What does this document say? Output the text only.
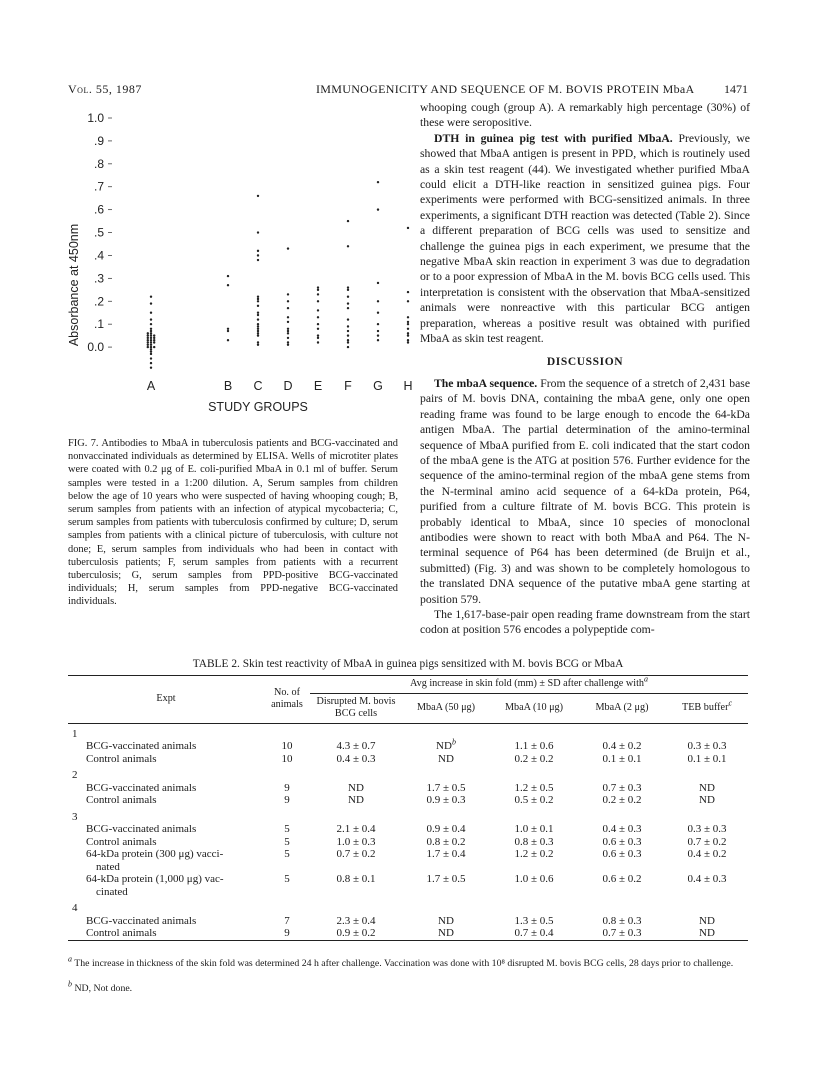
Vol. 55, 1987	IMMUNOGENICITY AND SEQUENCE OF M. BOVIS PROTEIN MbaA 1471
1.0
.9
.8
.7
.6
.5
.4
.3
.2
.1
0.0
A	B C D E F G H
Absorbance at 450nm
STUDY GROUPS

FIG. 7. Antibodies to MbaA in tuberculosis patients and BCG-vaccinated and nonvaccinated individuals as determined by ELISA. Wells of microtiter plates were coated with 0.2 μg of E. coli-purified MbaA in 0.1 ml of buffer. Serum samples were tested in a 1:200 dilution. A, Serum samples from children below the age of 10 years who were suspected of having whooping cough; B, serum samples from patients with an infection of atypical mycobacteria; C, serum samples from patients with tuberculosis confirmed by culture; D, serum samples from patients with a clinical picture of tuberculosis, with culture not done; E, serum samples from individuals who had been in contact with tuberculosis patients; F, serum samples from patients with a recurrent tuberculosis; G, serum samples from PPD-positive BCG-vaccinated individuals; H, serum samples from PPD-negative BCG-vaccinated individuals.

whooping cough (group A). A remarkably high percentage (30%) of these were seropositive.

DTH in guinea pig test with purified MbaA. Previously, we showed that MbaA antigen is present in PPD, which is routinely used as a skin test reagent (44). We investigated whether purified MbaA could elicit a DTH-like reaction in sensitized guinea pigs. Four experiments were performed with BCG-sensitized animals. In three experiments, a significant DTH reaction was detected (Table 2). Since a different preparation of BCG cells was used to sensitize and challenge the guinea pigs in each experiment, we presume that the negative MbaA skin reaction in experiment 3 was due to degradation or to a poor expression of MbaA in the M. bovis BCG cells used. This interpretation is consistent with the observation that MbaA-sensitized animals were nonreactive with this particular BCG antigen preparation, whereas a positive result was obtained with purified MbaA as skin test reagent.

DISCUSSION

The mbaA sequence. From the sequence of a stretch of 2,431 base pairs of M. bovis DNA, containing the mbaA gene, only one open reading frame was found to be large enough to encode the 64-kDa antigen MbaA. The partial determination of the amino-terminal sequence of MbaA purified from E. coli indicated that the start codon of the mbaA gene is the ATG at position 576. Further evidence for the sequence of the amino-terminal region of the mbaA gene stems from the N-terminal amino acid sequence of a 64-kDa protein, P64, purified from a culture filtrate of M. bovis BCG. This protein is probably identical to MbaA, since 10 species of monoclonal antibodies were shown to react with both MbaA and P64. The N-terminal sequence of P64 has been determined (de Bruijn et al., submitted) (Fig. 3) and was shown to be completely homologous to the translated DNA sequence of the putative mbaA gene starting at position 579.

The 1,617-base-pair open reading frame downstream from the start codon at position 576 encodes a polypeptide com-

TABLE 2. Skin test reactivity of MbaA in guinea pigs sensitized with M. bovis BCG or MbaA
Expt	No. of animals	Avg increase in skin fold (mm) ± SD after challenge with$^a$
		Disrupted M. bovis BCG cells	MbaA (50 μg)	MbaA (10 μg)	MbaA (2 μg)	TEB buffer$^c$
1						

BCG-vaccinated animals	10	4.3 ± 0.7	$ND^b$	1.1 ± 0.6	0.4 ± 0.2	0.3 ± 0.3

Control animals	10	0.4 ± 0.3	ND	0.2 ± 0.2	0.1 ± 0.1	0.1 ± 0.1
2						

BCG-vaccinated animals	9	ND	1.7 ± 0.5	1.2 ± 0.5	0.7 ± 0.3	ND

Control animals	9	ND	0.9 ± 0.3	0.5 ± 0.2	0.2 ± 0.2	ND
3						

BCG-vaccinated animals	5	2.1 ± 0.4	0.9 ± 0.4	1.0 ± 0.1	0.4 ± 0.3	0.3 ± 0.3

Control animals	5	1.0 ± 0.3	0.8 ± 0.2	0.8 ± 0.3	0.6 ± 0.3	0.7 ± 0.2

64-kDa protein (300 μg) vacci-
nated	5	0.7 ± 0.2	1.7 ± 0.4	1.2 ± 0.2	0.6 ± 0.3	0.4 ± 0.2

64-kDa protein (1,000 μg) vac-
cinated	5	0.8 ± 0.1	1.7 ± 0.5	1.0 ± 0.6	0.6 ± 0.2	0.4 ± 0.3
4						

BCG-vaccinated animals	7	2.3 ± 0.4	ND	1.3 ± 0.5	0.8 ± 0.3	ND

Control animals	9	0.9 ± 0.2	ND	0.7 ± 0.4	0.7 ± 0.3	ND
$^a$ The increase in thickness of the skin fold was determined 24 h after challenge. Vaccination was done with 10⁸ disrupted M. bovis BCG cells, 28 days prior to challenge.
$^b$ ND, Not done.
